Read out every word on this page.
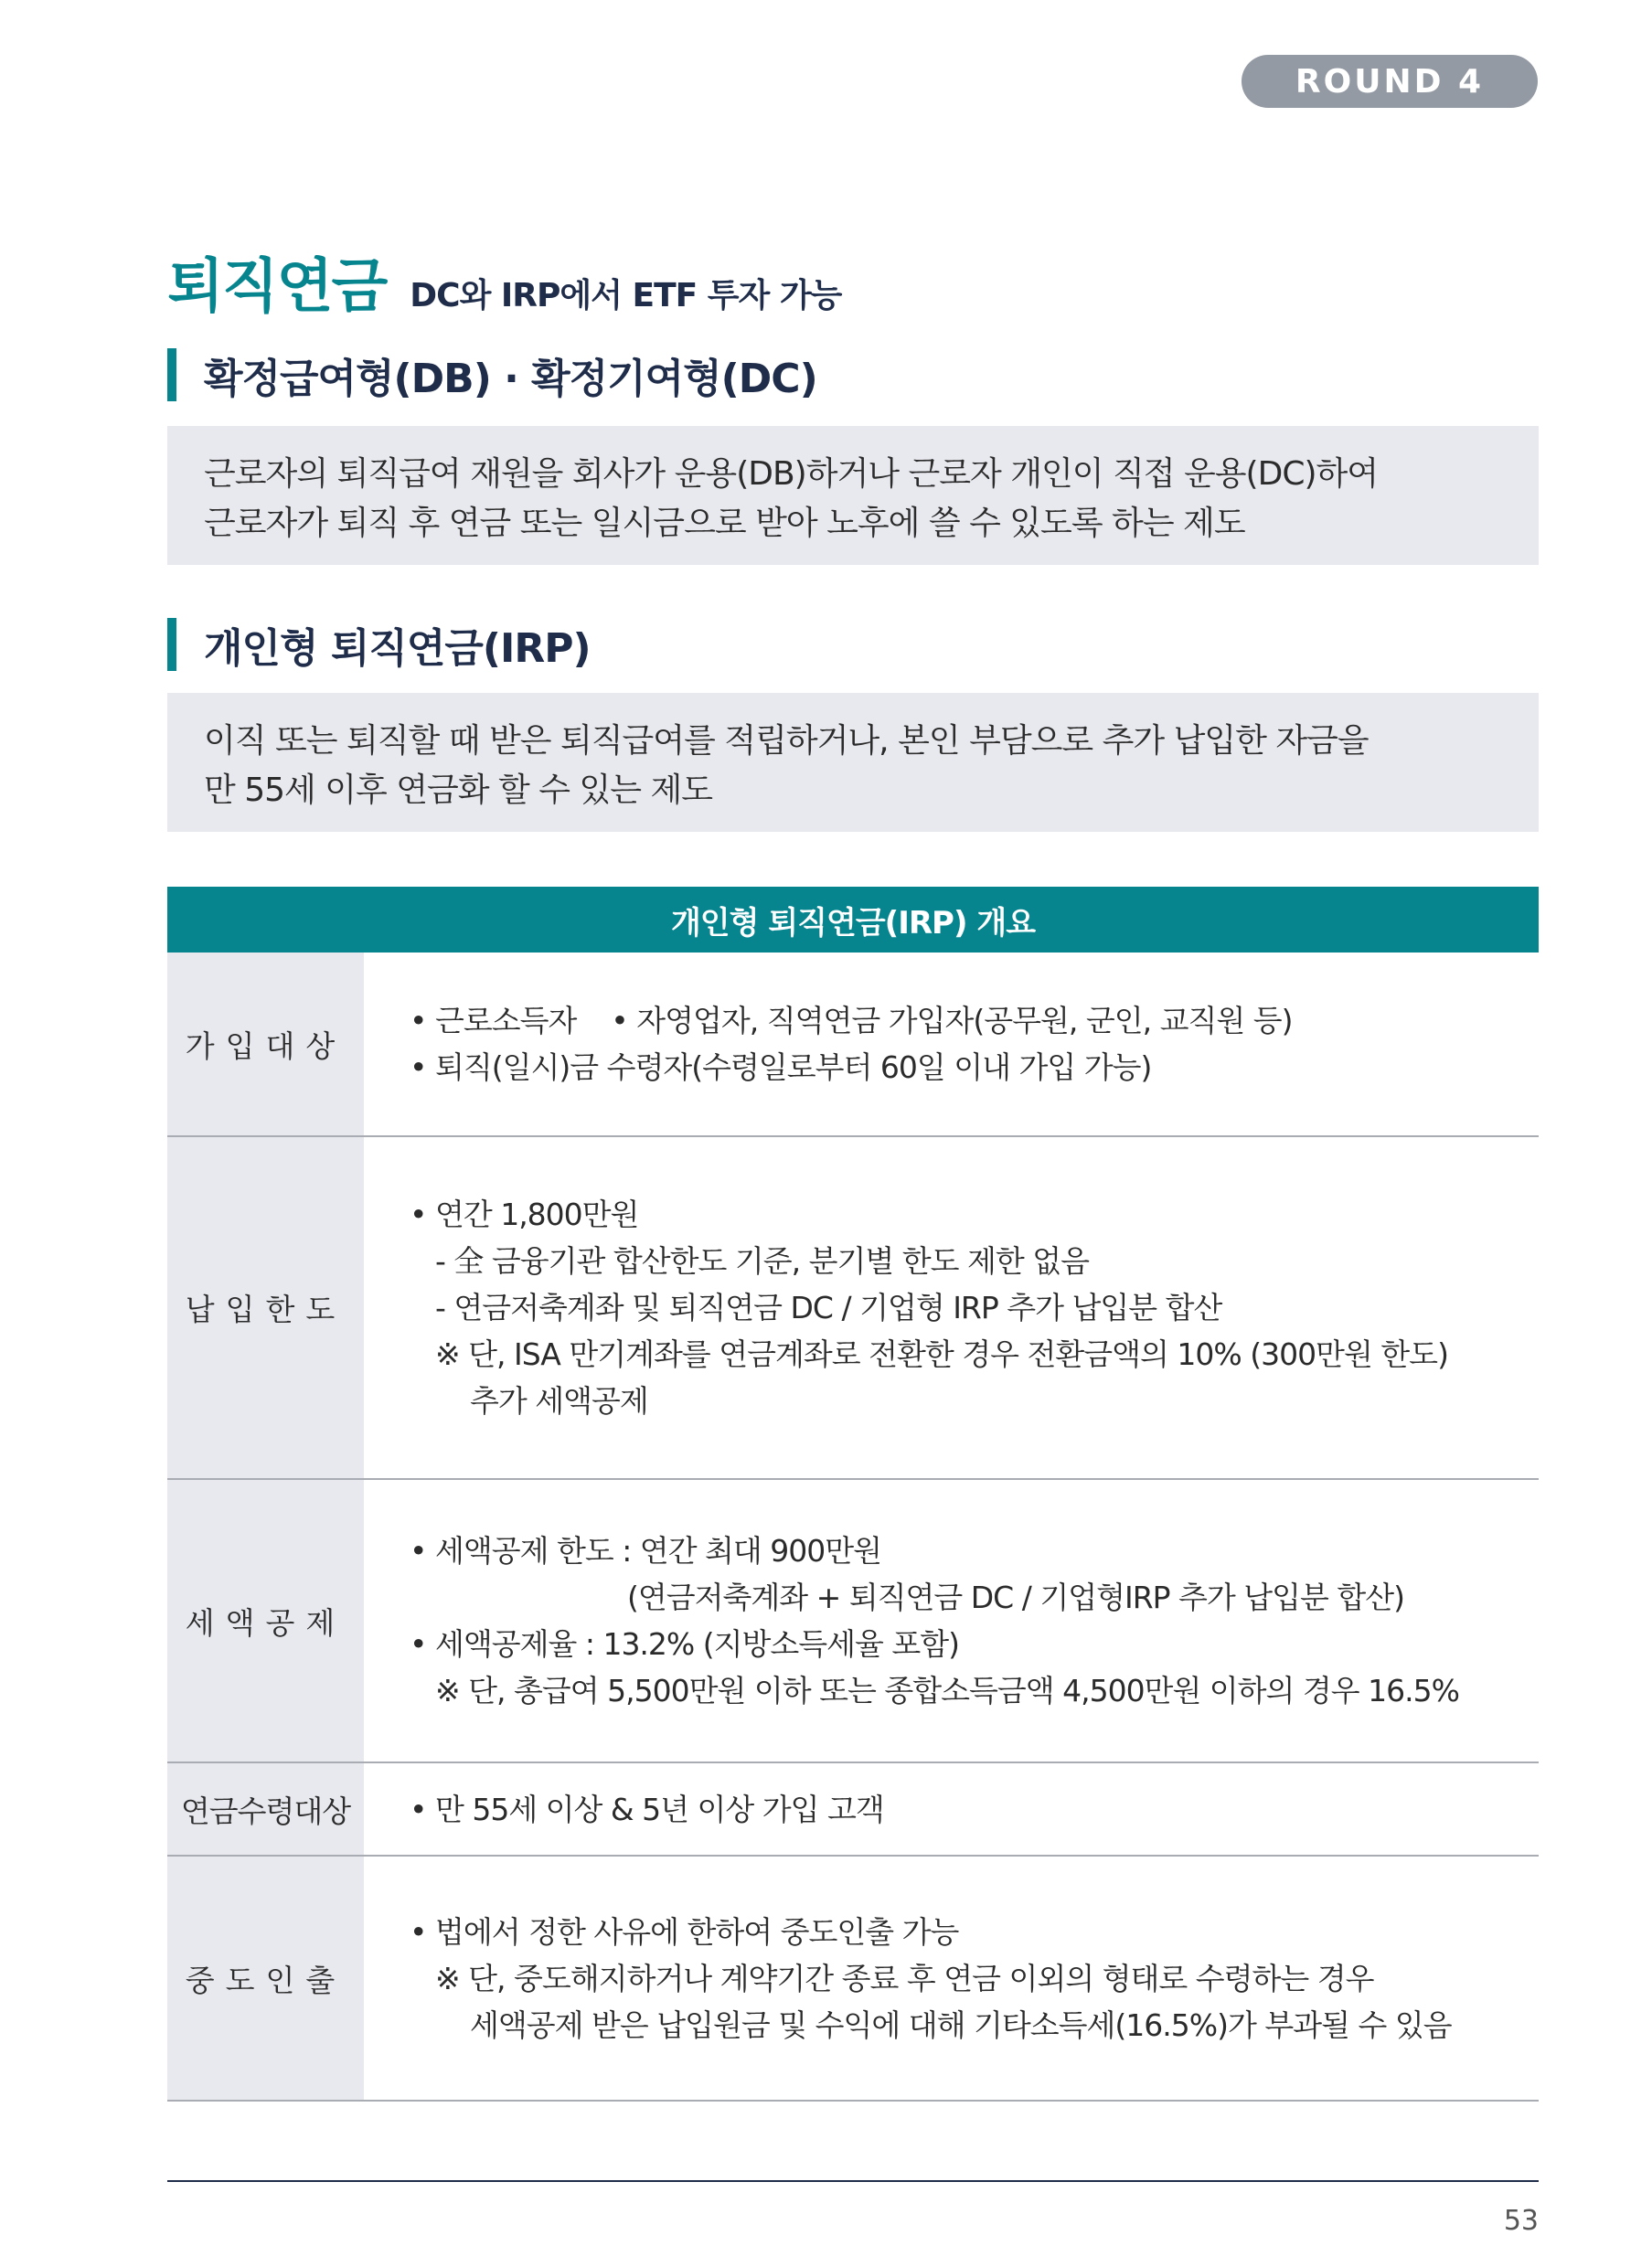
ROUND 4
퇴직연금 DC와 IRP에서 ETF 투자 가능
확정급여형(DB) · 확정기여형(DC)
근로자의 퇴직급여 재원을 회사가 운용(DB)하거나 근로자 개인이 직접 운용(DC)하여
근로자가 퇴직 후 연금 또는 일시금으로 받아 노후에 쓸 수 있도록 하는 제도
개인형 퇴직연금(IRP)
이직 또는 퇴직할 때 받은 퇴직급여를 적립하거나, 본인 부담으로 추가 납입한 자금을
만 55세 이후 연금화 할 수 있는 제도
개인형 퇴직연금(IRP) 개요
가입대상
• 근로소득자    • 자영업자, 직역연금 가입자(공무원, 군인, 교직원 등)
• 퇴직(일시)금 수령자(수령일로부터 60일 이내 가입 가능)
납입한도
• 연간 1,800만원
- 全 금융기관 합산한도 기준, 분기별 한도 제한 없음
- 연금저축계좌 및 퇴직연금 DC / 기업형 IRP 추가 납입분 합산
※ 단, ISA 만기계좌를 연금계좌로 전환한 경우 전환금액의 10% (300만원 한도)
추가 세액공제
세액공제
• 세액공제 한도 : 연간 최대 900만원
(연금저축계좌 + 퇴직연금 DC / 기업형IRP 추가 납입분 합산)
• 세액공제율 : 13.2% (지방소득세율 포함)
※ 단, 총급여 5,500만원 이하 또는 종합소득금액 4,500만원 이하의 경우 16.5%
연금수령대상	• 만 55세 이상 & 5년 이상 가입 고객
중도인출
• 법에서 정한 사유에 한하여 중도인출 가능
※ 단, 중도해지하거나 계약기간 종료 후 연금 이외의 형태로 수령하는 경우
세액공제 받은 납입원금 및 수익에 대해 기타소득세(16.5%)가 부과될 수 있음
53
